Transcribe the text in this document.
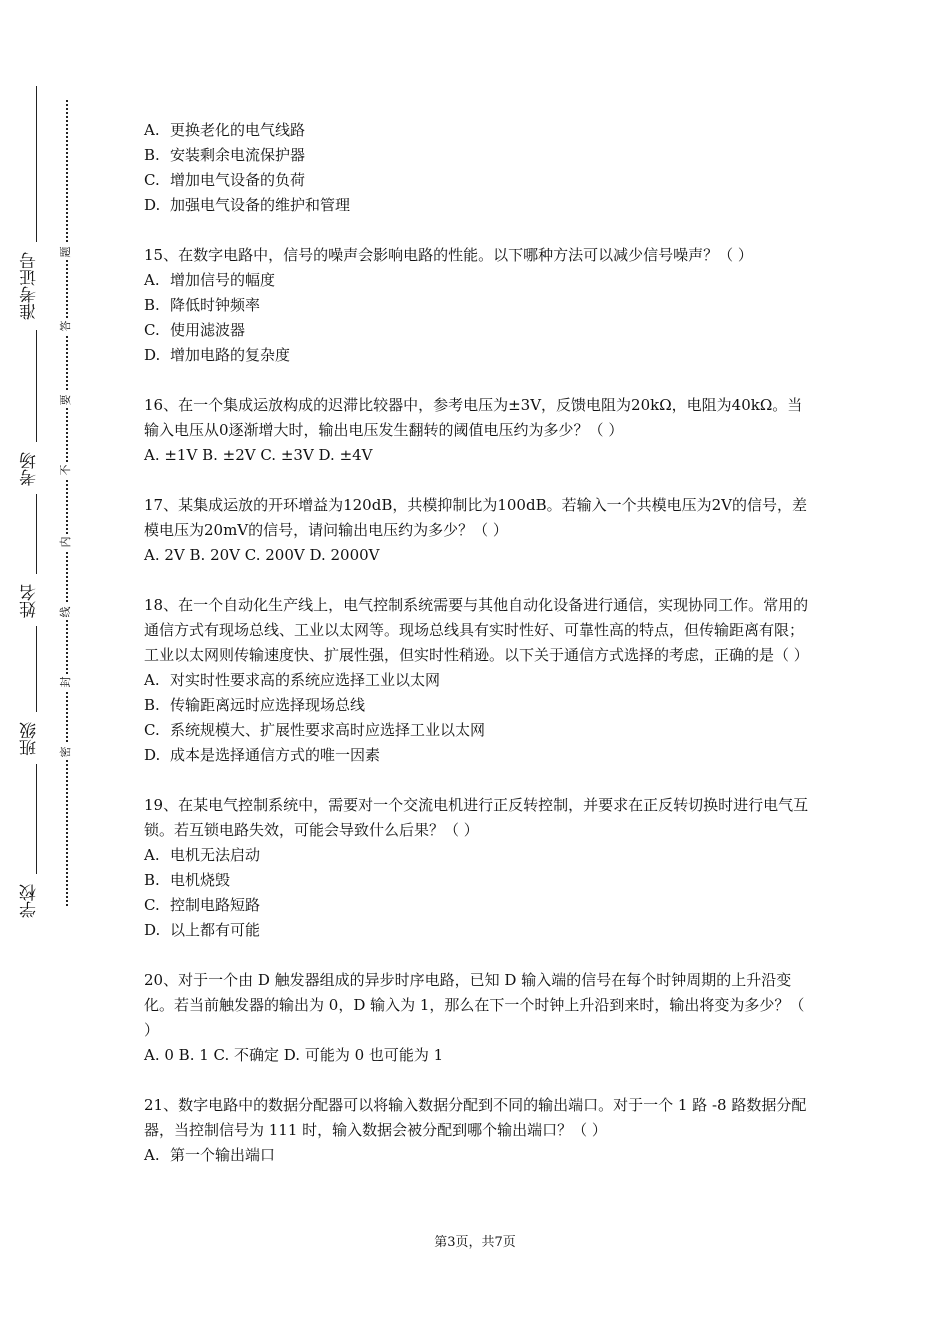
准考证号
考场
姓名
班级
学校
密
封
线
内
不
要
答
题

A. 更换老化的电气线路

B. 安装剩余电流保护器

C. 增加电气设备的负荷

D. 加强电气设备的维护和管理

15、在数字电路中，信号的噪声会影响电路的性能。以下哪种方法可以减少信号噪声？（ ）

A. 增加信号的幅度

B. 降低时钟频率

C. 使用滤波器

D. 增加电路的复杂度

16、在一个集成运放构成的迟滞比较器中，参考电压为±3V，反馈电阻为20kΩ，电阻为40kΩ。当输入电压从0逐渐增大时，输出电压发生翻转的阈值电压约为多少？（ ）

A. ±1V B. ±2V C. ±3V D. ±4V

17、某集成运放的开环增益为120dB，共模抑制比为100dB。若输入一个共模电压为2V的信号，差模电压为20mV的信号，请问输出电压约为多少？（ ）

A. 2V B. 20V C. 200V D. 2000V

18、在一个自动化生产线上，电气控制系统需要与其他自动化设备进行通信，实现协同工作。常用的通信方式有现场总线、工业以太网等。现场总线具有实时性好、可靠性高的特点，但传输距离有限；工业以太网则传输速度快、扩展性强，但实时性稍逊。以下关于通信方式选择的考虑，正确的是（ ）

A. 对实时性要求高的系统应选择工业以太网

B. 传输距离远时应选择现场总线

C. 系统规模大、扩展性要求高时应选择工业以太网

D. 成本是选择通信方式的唯一因素

19、在某电气控制系统中，需要对一个交流电机进行正反转控制，并要求在正反转切换时进行电气互锁。若互锁电路失效，可能会导致什么后果？（ ）

A. 电机无法启动

B. 电机烧毁

C. 控制电路短路

D. 以上都有可能

20、对于一个由 D 触发器组成的异步时序电路，已知 D 输入端的信号在每个时钟周期的上升沿变化。若当前触发器的输出为 0，D 输入为 1，那么在下一个时钟上升沿到来时，输出将变为多少？（ ）

A. 0 B. 1 C. 不确定 D. 可能为 0 也可能为 1

21、数字电路中的数据分配器可以将输入数据分配到不同的输出端口。对于一个 1 路 -8 路数据分配器，当控制信号为 111 时，输入数据会被分配到哪个输出端口？（ ）

A. 第一个输出端口

第3页，共7页
